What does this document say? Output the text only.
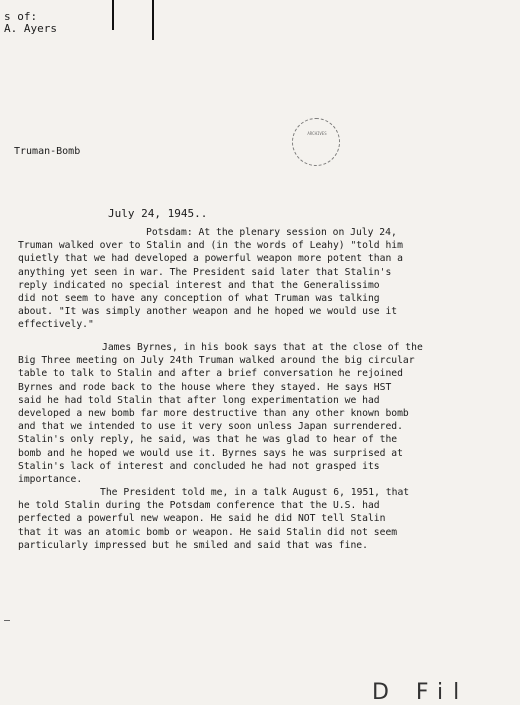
s of:
A. Ayers
ARCHIVES
Truman-Bomb
July 24, 1945..
Potsdam: At the plenary session on July 24,
Truman walked over to Stalin and (in the words of Leahy) "told him
quietly that we had developed a powerful weapon more potent than a
anything yet seen in war. The President said later that Stalin's
reply indicated no special interest and that the Generalissimo
did not seem to have any conception of what Truman was talking
about. "It was simply another weapon and he hoped we would use it
effectively."
James Byrnes, in his book says that at the close of the
Big Three meeting on July 24th Truman walked around the big circular
table to talk to Stalin and after a brief conversation he rejoined
Byrnes and rode back to the house where they stayed. He says HST
said he had told Stalin that after long experimentation we had
developed a new bomb far more destructive than any other known bomb
and that we intended to use it very soon unless Japan surrendered.
Stalin's only reply, he said, was that he was glad to hear of the
bomb and he hoped we would use it. Byrnes says he was surprised at
Stalin's lack of interest and concluded he had not grasped its
importance.
The President told me, in a talk August 6, 1951, that
he told Stalin during the Potsdam conference that the U.S. had
perfected a powerful new weapon. He said he did NOT tell Stalin
that it was an atomic bomb or weapon. He said Stalin did not seem
particularly impressed but he smiled and said that was fine.
D Fil
